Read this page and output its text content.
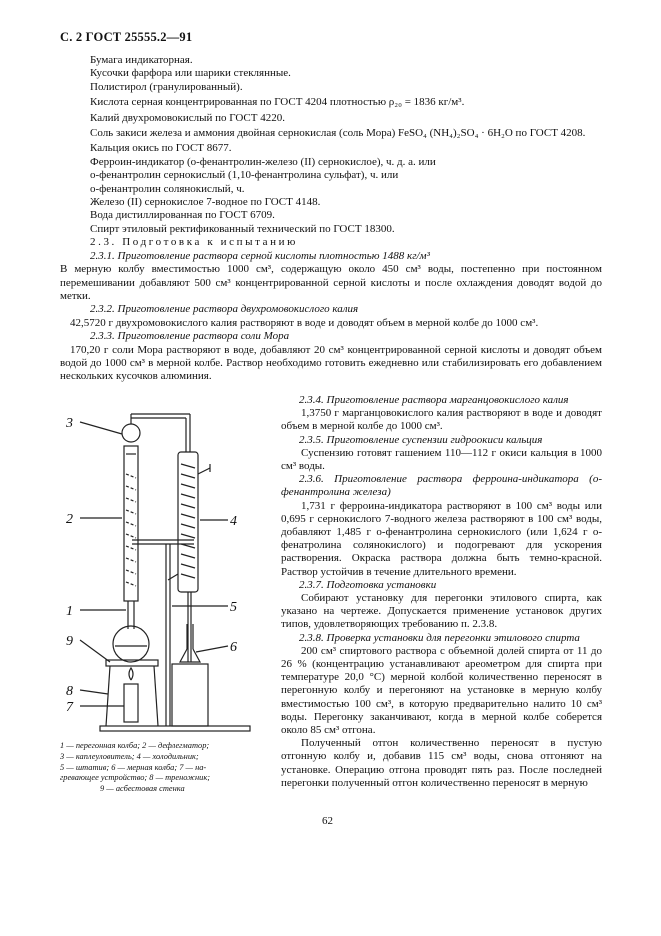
С. 2 ГОСТ 25555.2—91

Бумага индикаторная.

Кусочки фарфора или шарики стеклянные.

Полистирол (гранулированный).

Кислота серная концентрированная по ГОСТ 4204 плотностью ρ₂₀ = 1836 кг/м³.

Калий двухромовокислый по ГОСТ 4220.

Соль закиси железа и аммония двойная сернокислая (соль Мора) FeSO₄ (NH₄)₂SO₄ · 6H₂O по ГОСТ 4208.

Кальция окись по ГОСТ 8677.

Ферроин-индикатор (о-фенантролин-железо (II) сернокислое), ч. д. а. или

о-фенантролин сернокислый (1,10-фенантролина сульфат), ч. или

о-фенантролин солянокислый, ч.

Железо (II) сернокислое 7-водное по ГОСТ 4148.

Вода дистиллированная по ГОСТ 6709.

Спирт этиловый ректификованный технический по ГОСТ 18300.

2.3. Подготовка к испытанию

2.3.1. Приготовление раствора серной кислоты плотностью 1488 кг/м³

В мерную колбу вместимостью 1000 см³, содержащую около 450 см³ воды, постепенно при постоянном перемешивании добавляют 500 см³ концентрированной серной кислоты и после охлаждения доводят водой до метки.

2.3.2. Приготовление раствора двухромовокислого калия

42,5720 г двухромовокислого калия растворяют в воде и доводят объем в мерной колбе до 1000 см³.

2.3.3. Приготовление раствора соли Мора

170,20 г соли Мора растворяют в воде, добавляют 20 см³ концентрированной серной кислоты и доводят объем водой до 1000 см³ в мерной колбе. Раствор необходимо готовить ежедневно или стабилизировать его добавлением нескольких кусочков алюминия.

3
2
1
9
8
7
4
5
6
1 — перегонная колба; 2 — дефлегматор;
3 — каплеуловитель; 4 — холодильник;
5 — штатив; 6 — мерная колба; 7 — на-
гревающее устройство; 8 — треножник;
9 — асбестовая стенка

2.3.4. Приготовление раствора марганцовокислого калия

1,3750 г марганцовокислого калия растворяют в воде и доводят объем в мерной колбе до 1000 см³.

2.3.5. Приготовление суспензии гидроокиси кальция

Суспензию готовят гашением 110—112 г окиси кальция в 1000 см³ воды.

2.3.6. Приготовление раствора ферроина-индикатора (о-фенантролина железа)

1,731 г ферроина-индикатора растворяют в 100 см³ воды или 0,695 г сернокислого 7-водного железа растворяют в 100 см³ воды, добавляют 1,485 г о-фенантролина сернокислого (или 1,624 г о-фенатролина солянокислого) и подогревают для ускорения растворения. Окраска раствора должна быть темно-красной. Раствор устойчив в течение длительного времени.

2.3.7. Подготовка установки

Собирают установку для перегонки этилового спирта, как указано на чертеже. Допускается применение установок других типов, удовлетворяющих требованию п. 2.3.8.

2.3.8. Проверка установки для перегонки этилового спирта

200 см³ спиртового раствора с объемной долей спирта от 11 до 26 % (концентрацию устанавливают ареометром для спирта при температуре 20,0 °С) мерной колбой количественно переносят в перегонную колбу и перегоняют на установке в мерную колбу вместимостью 100 см³, в которую предварительно налито 10 см³ воды. Перегонку заканчивают, когда в мерной колбе соберется около 85 см³ отгона.

Полученный отгон количественно переносят в пустую отгонную колбу и, добавив 115 см³ воды, снова отгоняют на установке. Операцию отгона проводят пять раз. После последней перегонки полученный отгон количественно переносят в мерную

62
